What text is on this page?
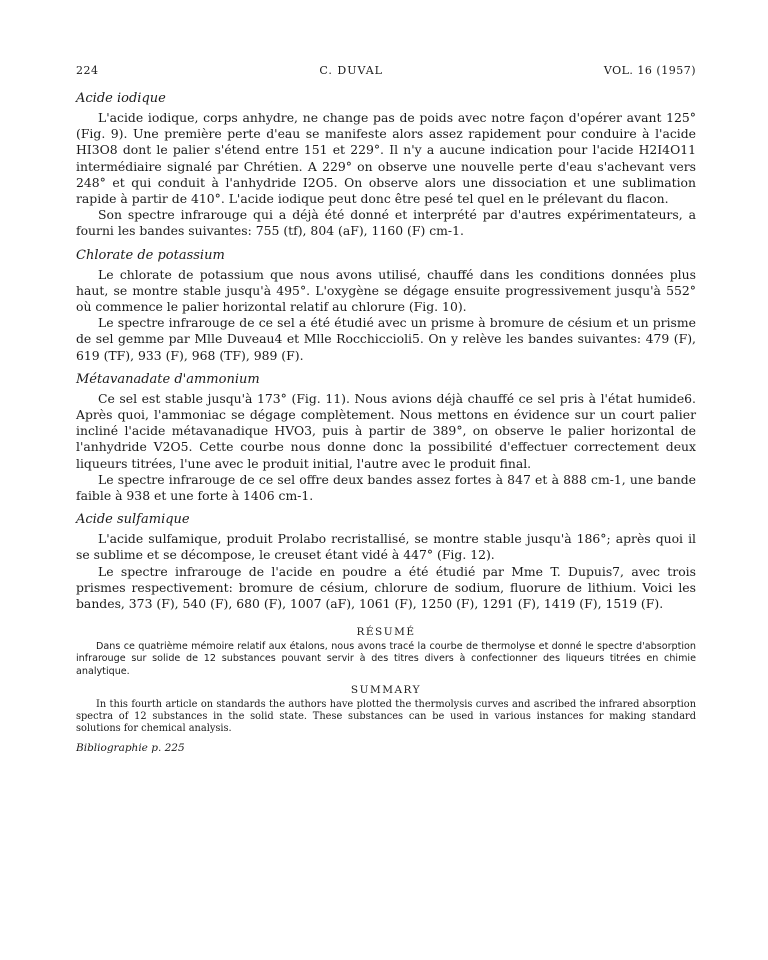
224	C. DUVAL	VOL. 16 (1957)
Acide iodique

L'acide iodique, corps anhydre, ne change pas de poids avec notre façon d'opérer avant 125° (Fig. 9). Une première perte d'eau se manifeste alors assez rapidement pour conduire à l'acide HI3O8 dont le palier s'étend entre 151 et 229°. Il n'y a aucune indication pour l'acide H2I4O11 intermédiaire signalé par Chrétien. A 229° on observe une nouvelle perte d'eau s'achevant vers 248° et qui conduit à l'anhydride I2O5. On observe alors une dissociation et une sublimation rapide à partir de 410°. L'acide iodique peut donc être pesé tel quel en le prélevant du flacon.

Son spectre infrarouge qui a déjà été donné et interprété par d'autres expérimentateurs, a fourni les bandes suivantes: 755 (tf), 804 (aF), 1160 (F) cm-1.

Chlorate de potassium

Le chlorate de potassium que nous avons utilisé, chauffé dans les conditions données plus haut, se montre stable jusqu'à 495°. L'oxygène se dégage ensuite progressivement jusqu'à 552° où commence le palier horizontal relatif au chlorure (Fig. 10).

Le spectre infrarouge de ce sel a été étudié avec un prisme à bromure de césium et un prisme de sel gemme par Mlle Duveau4 et Mlle Rocchiccioli5. On y relève les bandes suivantes: 479 (F), 619 (TF), 933 (F), 968 (TF), 989 (F).

Métavanadate d'ammonium

Ce sel est stable jusqu'à 173° (Fig. 11). Nous avions déjà chauffé ce sel pris à l'état humide6. Après quoi, l'ammoniac se dégage complètement. Nous mettons en évidence sur un court palier incliné l'acide métavanadique HVO3, puis à partir de 389°, on observe le palier horizontal de l'anhydride V2O5. Cette courbe nous donne donc la possibilité d'effectuer correctement deux liqueurs titrées, l'une avec le produit initial, l'autre avec le produit final.

Le spectre infrarouge de ce sel offre deux bandes assez fortes à 847 et à 888 cm-1, une bande faible à 938 et une forte à 1406 cm-1.

Acide sulfamique

L'acide sulfamique, produit Prolabo recristallisé, se montre stable jusqu'à 186°; après quoi il se sublime et se décompose, le creuset étant vidé à 447° (Fig. 12).

Le spectre infrarouge de l'acide en poudre a été étudié par Mme T. Dupuis7, avec trois prismes respectivement: bromure de césium, chlorure de sodium, fluorure de lithium. Voici les bandes, 373 (F), 540 (F), 680 (F), 1007 (aF), 1061 (F), 1250 (F), 1291 (F), 1419 (F), 1519 (F).

RÉSUMÉ

Dans ce quatrième mémoire relatif aux étalons, nous avons tracé la courbe de thermolyse et donné le spectre d'absorption infrarouge sur solide de 12 substances pouvant servir à des titres divers à confectionner des liqueurs titrées en chimie analytique.

SUMMARY

In this fourth article on standards the authors have plotted the thermolysis curves and ascribed the infrared absorption spectra of 12 substances in the solid state. These substances can be used in various instances for making standard solutions for chemical analysis.

Bibliographie p. 225
